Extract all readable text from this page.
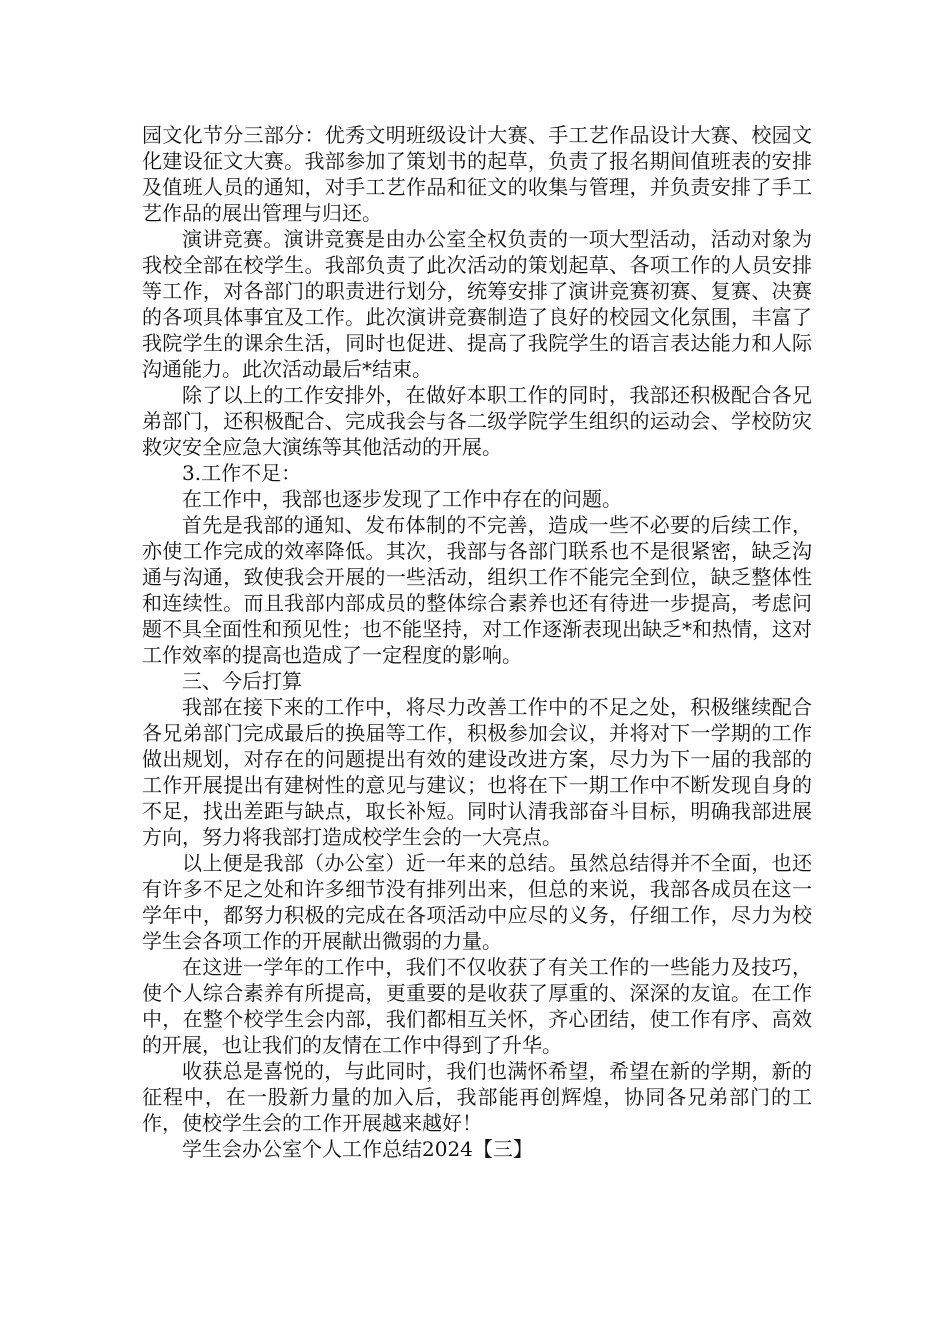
园文化节分三部分：优秀文明班级设计大赛、手工艺作品设计大赛、校园文化建设征文大赛。我部参加了策划书的起草，负责了报名期间值班表的安排及值班人员的通知，对手工艺作品和征文的收集与管理，并负责安排了手工艺作品的展出管理与归还。

演讲竞赛。演讲竞赛是由办公室全权负责的一项大型活动，活动对象为我校全部在校学生。我部负责了此次活动的策划起草、各项工作的人员安排等工作，对各部门的职责进行划分，统筹安排了演讲竞赛初赛、复赛、决赛的各项具体事宜及工作。此次演讲竞赛制造了良好的校园文化氛围，丰富了我院学生的课余生活，同时也促进、提高了我院学生的语言表达能力和人际沟通能力。此次活动最后*结束。

除了以上的工作安排外，在做好本职工作的同时，我部还积极配合各兄弟部门，还积极配合、完成我会与各二级学院学生组织的运动会、学校防灾救灾安全应急大演练等其他活动的开展。

3.工作不足：

在工作中，我部也逐步发现了工作中存在的问题。

首先是我部的通知、发布体制的不完善，造成一些不必要的后续工作，亦使工作完成的效率降低。其次，我部与各部门联系也不是很紧密，缺乏沟通与沟通，致使我会开展的一些活动，组织工作不能完全到位，缺乏整体性和连续性。而且我部内部成员的整体综合素养也还有待进一步提高，考虑问题不具全面性和预见性；也不能坚持，对工作逐渐表现出缺乏*和热情，这对工作效率的提高也造成了一定程度的影响。

三、今后打算

我部在接下来的工作中，将尽力改善工作中的不足之处，积极继续配合各兄弟部门完成最后的换届等工作，积极参加会议，并将对下一学期的工作做出规划，对存在的问题提出有效的建设改进方案，尽力为下一届的我部的工作开展提出有建树性的意见与建议；也将在下一期工作中不断发现自身的不足，找出差距与缺点，取长补短。同时认清我部奋斗目标，明确我部进展方向，努力将我部打造成校学生会的一大亮点。

以上便是我部（办公室）近一年来的总结。虽然总结得并不全面，也还有许多不足之处和许多细节没有排列出来，但总的来说，我部各成员在这一学年中，都努力积极的完成在各项活动中应尽的义务，仔细工作，尽力为校学生会各项工作的开展献出微弱的力量。

在这进一学年的工作中，我们不仅收获了有关工作的一些能力及技巧，使个人综合素养有所提高，更重要的是收获了厚重的、深深的友谊。在工作中，在整个校学生会内部，我们都相互关怀，齐心团结，使工作有序、高效的开展，也让我们的友情在工作中得到了升华。

收获总是喜悦的，与此同时，我们也满怀希望，希望在新的学期，新的征程中，在一股新力量的加入后，我部能再创辉煌，协同各兄弟部门的工作，使校学生会的工作开展越来越好！

学生会办公室个人工作总结2024【三】
